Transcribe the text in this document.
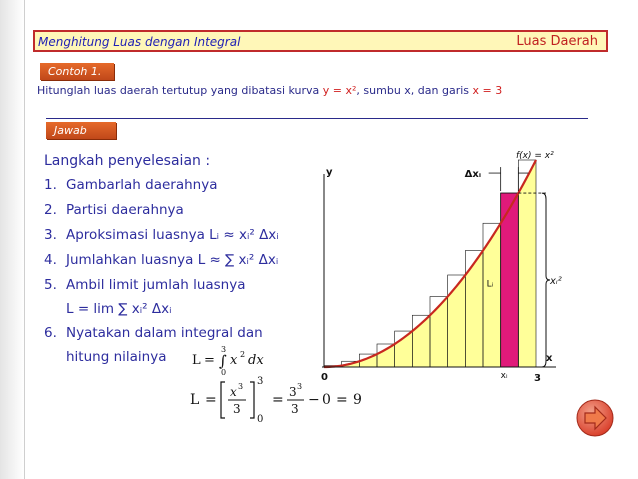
Menghitung Luas dengan Integral	Luas Daerah
Contoh 1.
Hitunglah luas daerah tertutup yang dibatasi kurva y = x², sumbu x, dan garis x = 3
Jawab
Langkah penyelesaian :
1. Gambarlah daerahnya
2. Partisi daerahnya
3. Aproksimasi luasnya Lᵢ ≈ xᵢ² Δxᵢ
4. Jumlahkan luasnya L ≈ ∑ xᵢ² Δxᵢ
5. Ambil limit jumlah luasnya
L = lim ∑ xᵢ² Δxᵢ
6. Nyatakan dalam integral dan
hitung nilainya L =
3
∫
0
x 2 dx
L = x 3
3
3
0
= 3 3
3
− 0 = 9
f(x) = x²
y
x
0	xᵢ	3
Δxᵢ
Lᵢ	xᵢ²
